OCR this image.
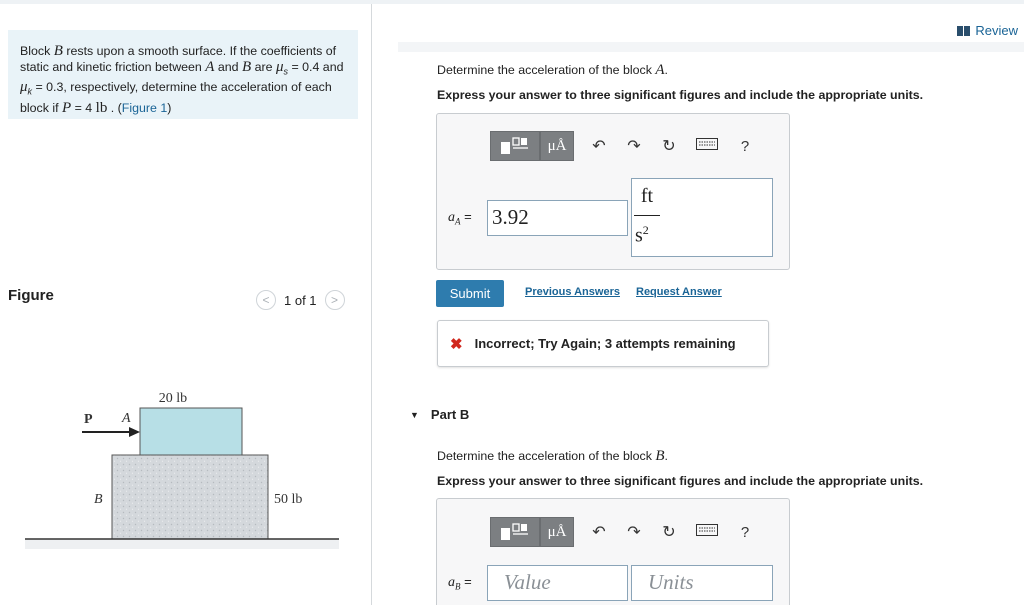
Block B rests upon a smooth surface. If the coefficients of static and kinetic friction between A and B are $\mu_s = 0.4$ and $\mu_k = 0.3$, respectively, determine the acceleration of each block if P = 4 lb . (Figure 1)
Figure	< 1 of 1 >
20 lb
P A
B	50 lb
Review
Determine the acceleration of the block A.
Express your answer to three significant figures and include the appropriate units.
μÅ	↶ ↷ ↻	?
$a_A = 3.92$
ft
$s^2$
Submit	Previous Answers Request Answer
✖ Incorrect; Try Again; 3 attempts remaining
▼ Part B
Determine the acceleration of the block B.
Express your answer to three significant figures and include the appropriate units.
μÅ	↶ ↷ ↻	?
$a_B$ =	Value	Units
